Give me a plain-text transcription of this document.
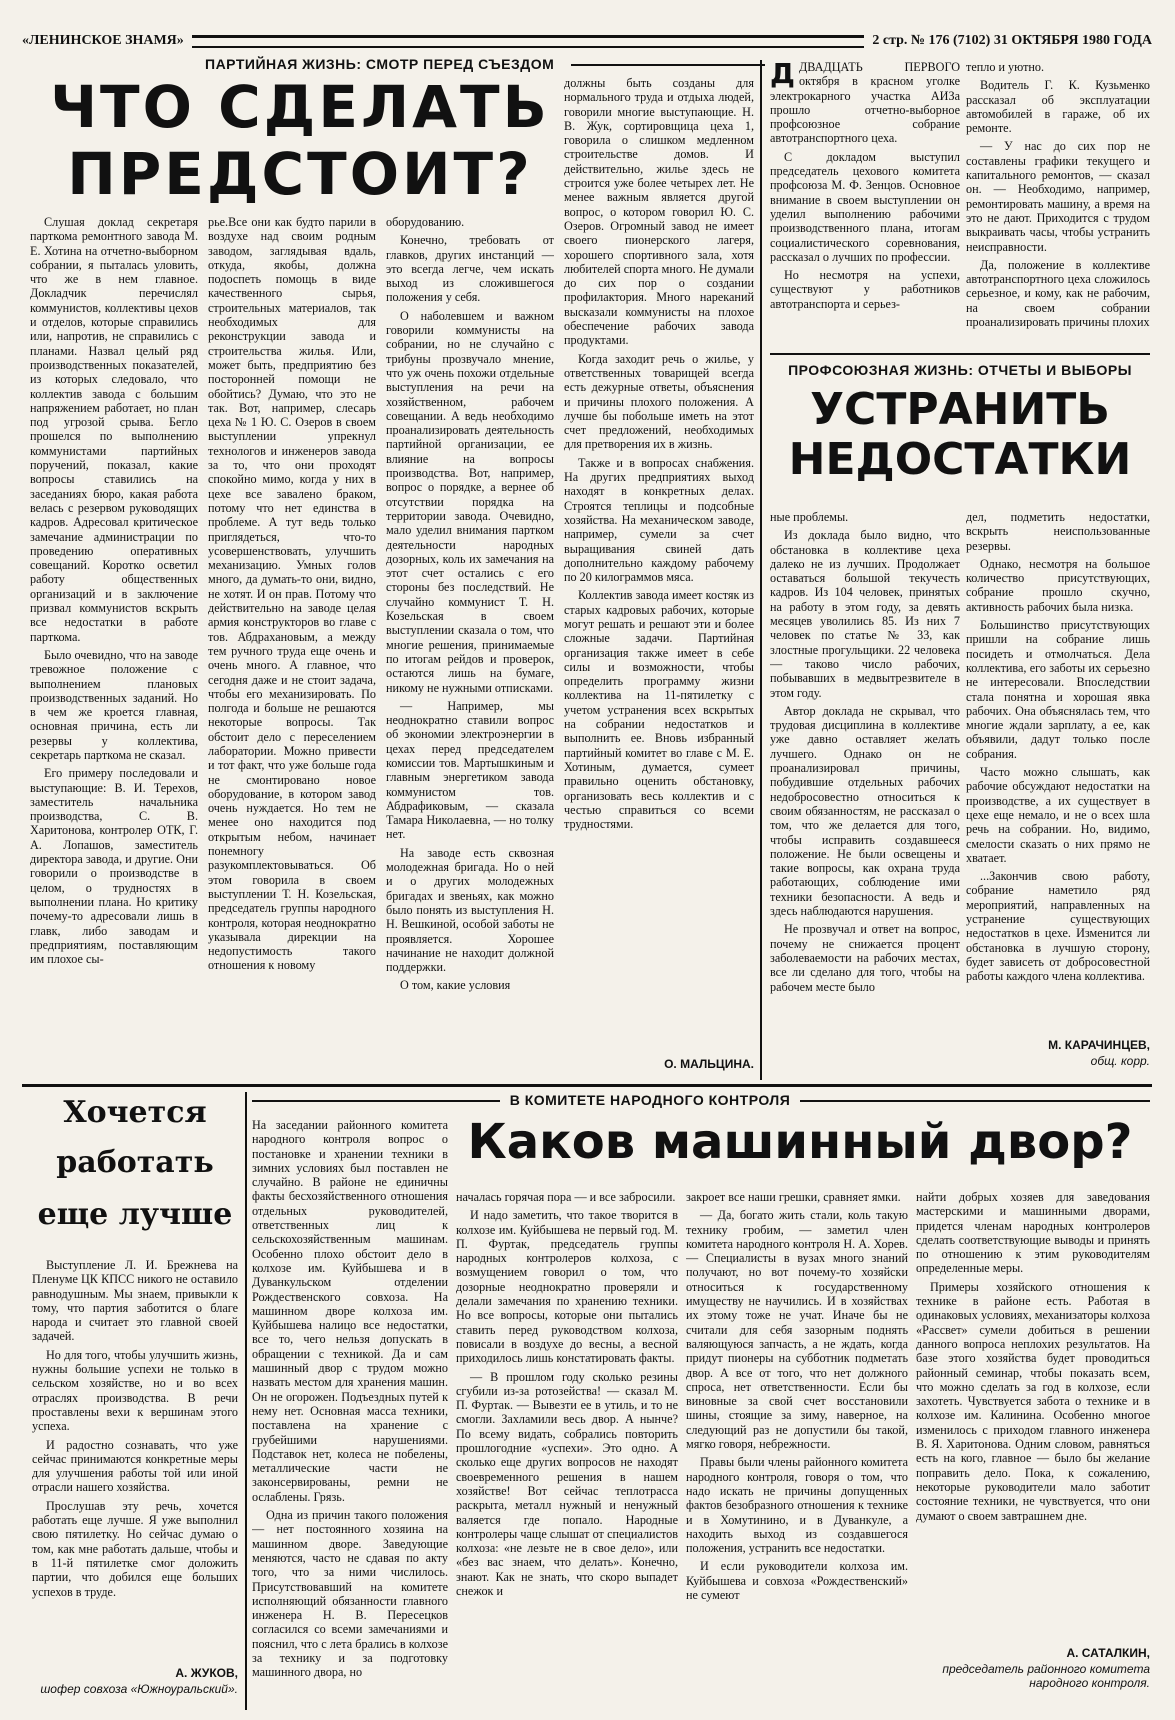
«ЛЕНИНСКОЕ ЗНАМЯ»	2 стр. № 176 (7102) 31 ОКТЯБРЯ 1980 ГОДА
ПАРТИЙНАЯ ЖИЗНЬ: СМОТР ПЕРЕД СЪЕЗДОМ
ЧТО СДЕЛАТЬ
ПРЕДСТОИТ?

Слушая доклад секретаря парткома ремонтного завода М. Е. Хотина на отчетно-выборном собрании, я пыталась уловить, что же в нем главное. Докладчик перечислял коммунистов, коллективы цехов и отделов, которые справились или, напротив, не справились с планами. Назвал целый ряд производственных показателей, из которых следовало, что коллектив завода с большим напряжением работает, но план под угрозой срыва. Бегло прошелся по выполнению коммунистами партийных поручений, показал, какие вопросы ставились на заседаниях бюро, какая работа велась с резервом руководящих кадров. Адресовал критическое замечание администрации по проведению оперативных совещаний. Коротко осветил работу общественных организаций и в заключение призвал коммунистов вскрыть все недостатки в работе парткома.

Было очевидно, что на заводе тревожное положение с выполнением плановых производственных заданий. Но в чем же кроется главная, основная причина, есть ли резервы у коллектива, секретарь парткома не сказал.

Его примеру последовали и выступающие: В. И. Терехов, заместитель начальника производства, С. В. Харитонова, контролер ОТК, Г. А. Лопашов, заместитель директора завода, и другие. Они говорили о производстве в целом, о трудностях в выполнении плана. Но критику почему-то адресовали лишь в главк, либо заводам и предприятиям, поставляющим им плохое сы-

рье.Все они как будто парили в воздухе над своим родным заводом, заглядывая вдаль, откуда, якобы, должна подоспеть помощь в виде качественного сырья, строительных материалов, так необходимых для реконструкции завода и строительства жилья. Или, может быть, предприятию без посторонней помощи не обойтись? Думаю, что это не так. Вот, например, слесарь цеха № 1 Ю. С. Озеров в своем выступлении упрекнул технологов и инженеров завода за то, что они проходят спокойно мимо, когда у них в цехе все завалено браком, потому что нет единства в проблеме. А тут ведь только приглядеться, что-то усовершенствовать, улучшить механизацию. Умных голов много, да думать-то они, видно, не хотят. И он прав. Потому что действительно на заводе целая армия конструкторов во главе с тов. Абдрахановым, а между тем ручного труда еще очень и очень много. А главное, что сегодня даже и не стоит задача, чтобы его механизировать. По полгода и больше не решаются некоторые вопросы. Так обстоит дело с переселением лаборатории. Можно привести и тот факт, что уже больше года не смонтировано новое оборудование, в котором завод очень нуждается. Но тем не менее оно находится под открытым небом, начинает понемногу разукомплектовываться. Об этом говорила в своем выступлении Т. Н. Козельская, председатель группы народного контроля, которая неоднократно указывала дирекции на недопустимость такого отношения к новому

оборудованию.

Конечно, требовать от главков, других инстанций — это всегда легче, чем искать выход из сложившегося положения у себя.

О наболевшем и важном говорили коммунисты на собрании, но не случайно с трибуны прозвучало мнение, что уж очень похожи отдельные выступления на речи на хозяйственном, рабочем совещании. А ведь необходимо проанализировать деятельность партийной организации, ее влияние на вопросы производства. Вот, например, вопрос о порядке, а вернее об отсутствии порядка на территории завода. Очевидно, мало уделил внимания партком деятельности народных дозорных, коль их замечания на этот счет остались с его стороны без последствий. Не случайно коммунист Т. Н. Козельская в своем выступлении сказала о том, что многие решения, принимаемые по итогам рейдов и проверок, остаются лишь на бумаге, никому не нужными отписками.

— Например, мы неоднократно ставили вопрос об экономии электроэнергии в цехах перед председателем комиссии тов. Мартышкиным и главным энергетиком завода коммунистом тов. Абдрафиковым, — сказала Тамара Николаевна, — но толку нет.

На заводе есть сквозная молодежная бригада. Но о ней и о других молодежных бригадах и звеньях, как можно было понять из выступления Н. Н. Вешкиной, особой заботы не проявляется. Хорошее начинание не находит должной поддержки.

О том, какие условия

должны быть созданы для нормального труда и отдыха людей, говорили многие выступающие. Н. В. Жук, сортировщица цеха 1, говорила о слишком медленном строительстве домов. И действительно, жилье здесь не строится уже более четырех лет. Не менее важным является другой вопрос, о котором говорил Ю. С. Озеров. Огромный завод не имеет своего пионерского лагеря, хорошего спортивного зала, хотя любителей спорта много. Не думали до сих пор о создании профилактория. Много нареканий высказали коммунисты на плохое обеспечение рабочих завода продуктами.

Когда заходит речь о жилье, у ответственных товарищей всегда есть дежурные ответы, объяснения и причины плохого положения. А лучше бы побольше иметь на этот счет предложений, необходимых для претворения их в жизнь.

Также и в вопросах снабжения. На других предприятиях выход находят в конкретных делах. Строятся теплицы и подсобные хозяйства. На механическом заводе, например, сумели за счет выращивания свиней дать дополнительно каждому рабочему по 20 килограммов мяса.

Коллектив завода имеет костяк из старых кадровых рабочих, которые могут решать и решают эти и более сложные задачи. Партийная организация также имеет в себе силы и возможности, чтобы определить программу жизни коллектива на 11-пятилетку с учетом устранения всех вскрытых на собрании недостатков и выполнить ее. Вновь избранный партийный комитет во главе с М. Е. Хотиным, думается, сумеет правильно оценить обстановку, организовать весь коллектив и с честью справиться со всеми трудностями.

О. МАЛЬЦИНА.

ДДВАДЦАТЬ ПЕРВОГО октября в красном уголке электрокарного участка АИЗа прошло отчетно-выборное профсоюзное собрание автотранспортного цеха.

С докладом выступил председатель цехового комитета профсоюза М. Ф. Зенцов. Основное внимание в своем выступлении он уделил выполнению рабочими производственного плана, итогам социалистического соревнования, рассказал о лучших по профессии.

Но несмотря на успехи, существуют у работников автотранспорта и серьез-

тепло и уютно.

Водитель Г. К. Кузьменко рассказал об эксплуатации автомобилей в гараже, об их ремонте.

— У нас до сих пор не составлены графики текущего и капитального ремонтов, — сказал он. — Необходимо, например, ремонтировать машину, а время на это не дают. Приходится с трудом выкраивать часы, чтобы устранить неисправности.

Да, положение в коллективе автотранспортного цеха сложилось серьезное, и кому, как не рабочим, на своем собрании проанализировать причины плохих

ПРОФСОЮЗНАЯ ЖИЗНЬ: ОТЧЕТЫ И ВЫБОРЫ
УСТРАНИТЬ
НЕДОСТАТКИ

ные проблемы.

Из доклада было видно, что обстановка в коллективе цеха далеко не из лучших. Продолжает оставаться большой текучесть кадров. Из 104 человек, принятых на работу в этом году, за девять месяцев уволились 85. Из них 7 человек по статье № 33, как злостные прогульщики. 22 человека — таково число рабочих, побывавших в медвытрезвителе в этом году.

Автор доклада не скрывал, что трудовая дисциплина в коллективе уже давно оставляет желать лучшего. Однако он не проанализировал причины, побудившие отдельных рабочих недобросовестно относиться к своим обязанностям, не рассказал о том, что же делается для того, чтобы исправить создавшееся положение. Не были освещены и такие вопросы, как охрана труда работающих, соблюдение ими техники безопасности. А ведь и здесь наблюдаются нарушения.

Не прозвучал и ответ на вопрос, почему не снижается процент заболеваемости на рабочих местах, все ли сделано для того, чтобы на рабочем месте было

дел, подметить недостатки, вскрыть неиспользованные резервы.

Однако, несмотря на большое количество присутствующих, собрание прошло скучно, активность рабочих была низка.

Большинство присутствующих пришли на собрание лишь посидеть и отмолчаться. Дела коллектива, его заботы их серьезно не интересовали. Впоследствии стала понятна и хорошая явка рабочих. Она объяснялась тем, что многие ждали зарплату, а ее, как объявили, дадут только после собрания.

Часто можно слышать, как рабочие обсуждают недостатки на производстве, а их существует в цехе еще немало, и не о всех шла речь на собрании. Но, видимо, смелости сказать о них прямо не хватает.

...Закончив свою работу, собрание наметило ряд мероприятий, направленных на устранение существующих недостатков в цехе. Изменится ли обстановка в лучшую сторону, будет зависеть от добросовестной работы каждого члена коллектива.

М. КАРАЧИНЦЕВ,
общ. корр.
Хочется
работать
еще лучше

Выступление Л. И. Брежнева на Пленуме ЦК КПСС никого не оставило равнодушным. Мы знаем, привыкли к тому, что партия заботится о благе народа и считает это главной своей задачей.

Но для того, чтобы улучшить жизнь, нужны большие успехи не только в сельском хозяйстве, но и во всех отраслях производства. В речи проставлены вехи к вершинам этого успеха.

И радостно сознавать, что уже сейчас принимаются конкретные меры для улучшения работы той или иной отрасли нашего хозяйства.

Прослушав эту речь, хочется работать еще лучше. Я уже выполнил свою пятилетку. Но сейчас думаю о том, как мне работать дальше, чтобы и в 11-й пятилетке смог доложить партии, что добился еще больших успехов в труде.

А. ЖУКОВ,
шофер совхоза «Южноуральский».
В КОМИТЕТЕ НАРОДНОГО КОНТРОЛЯ
Каков машинный двор?

На заседании районного комитета народного контроля вопрос о постановке и хранении техники в зимних условиях был поставлен не случайно. В районе не единичны факты бесхозяйственного отношения отдельных руководителей, ответственных лиц к сельскохозяйственным машинам. Особенно плохо обстоит дело в колхозе им. Куйбышева и в Дуванкульском отделении Рождественского совхоза. На машинном дворе колхоза им. Куйбышева налицо все недостатки, все то, чего нельзя допускать в обращении с техникой. Да и сам машинный двор с трудом можно назвать местом для хранения машин. Он не огорожен. Подъездных путей к нему нет. Основная масса техники, поставлена на хранение с грубейшими нарушениями. Подставок нет, колеса не побелены, металлические части не законсервированы, ремни не ослаблены. Грязь.

Одна из причин такого положения — нет постоянного хозяина на машинном дворе. Заведующие меняются, часто не сдавая по акту того, что за ними числилось. Присутствовавший на комитете исполняющий обязанности главного инженера Н. В. Пересецков согласился со всеми замечаниями и пояснил, что с лета брались в колхозе за технику и за подготовку машинного двора, но

началась горячая пора — и все забросили.

И надо заметить, что такое творится в колхозе им. Куйбышева не первый год. М. П. Фуртак, председатель группы народных контролеров колхоза, с возмущением говорил о том, что дозорные неоднократно проверяли и делали замечания по хранению техники. Но все вопросы, которые они пытались ставить перед руководством колхоза, повисали в воздухе до весны, а весной приходилось лишь констатировать факты.

— В прошлом году сколько резины сгубили из-за ротозейства! — сказал М. П. Фуртак. — Вывезти ее в утиль, и то не смогли. Захламили весь двор. А нынче? По всему видать, собрались повторить прошлогодние «успехи». Это одно. А сколько еще других вопросов не находят своевременного решения в нашем хозяйстве! Вот сейчас теплотрасса раскрыта, металл нужный и ненужный валяется где попало. Народные контролеры чаще слышат от специалистов колхоза: «не лезьте не в свое дело», или «без вас знаем, что делать». Конечно, знают. Как не знать, что скоро выпадет снежок и

закроет все наши грешки, сравняет ямки.

— Да, богато жить стали, коль такую технику гробим, — заметил член комитета народного контроля Н. А. Хорев. — Специалисты в вузах много знаний получают, но вот почему-то хозяйски относиться к государственному имуществу не научились. И в хозяйствах их этому тоже не учат. Иначе бы не считали для себя зазорным поднять валяющуюся запчасть, а не ждать, когда придут пионеры на субботник подметать двор. А все от того, что нет должного спроса, нет ответственности. Если бы виновные за свой счет восстановили шины, стоящие за зиму, наверное, на следующий раз не допустили бы такой, мягко говоря, небрежности.

Правы были члены районного комитета народного контроля, говоря о том, что надо искать не причины допущенных фактов безобразного отношения к технике и в Хомутинино, и в Дуванкуле, а находить выход из создавшегося положения, устранить все недостатки.

И если руководители колхоза им. Куйбышева и совхоза «Рождественский» не сумеют

найти добрых хозяев для заведования мастерскими и машинными дворами, придется членам народных контролеров сделать соответствующие выводы и принять по отношению к этим руководителям определенные меры.

Примеры хозяйского отношения к технике в районе есть. Работая в одинаковых условиях, механизаторы колхоза «Рассвет» сумели добиться в решении данного вопроса неплохих результатов. На базе этого хозяйства будет проводиться районный семинар, чтобы показать всем, что можно сделать за год в колхозе, если захотеть. Чувствуется забота о технике и в колхозе им. Калинина. Особенно многое изменилось с приходом главного инженера В. Я. Харитонова. Одним словом, равняться есть на кого, главное — было бы желание поправить дело. Пока, к сожалению, некоторые руководители мало заботит состояние техники, не чувствуется, что они думают о своем завтрашнем дне.

А. САТАЛКИН,
председатель районного комитета народного контроля.
